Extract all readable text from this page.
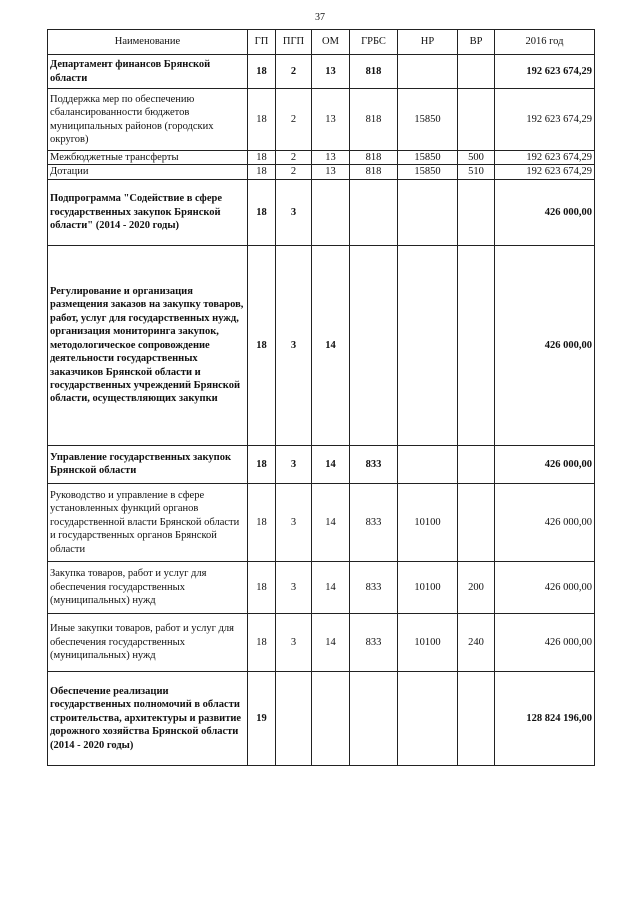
37
Наименование	ГП	ПГП	ОМ	ГРБС	НР	ВР	2016 год
Департамент финансов Брянской области	18	2	13	818			192 623 674,29
Поддержка мер по обеспечению сбалансированности бюджетов муниципальных районов (городских округов)	18	2	13	818	15850		192 623 674,29
Межбюджетные трансферты	18	2	13	818	15850	500	192 623 674,29
Дотации	18	2	13	818	15850	510	192 623 674,29
Подпрограмма "Содействие в сфере государственных закупок Брянской области" (2014 - 2020 годы)	18	3					426 000,00
Регулирование и организация размещения заказов на закупку товаров, работ, услуг для государственных нужд, организация мониторинга закупок, методологическое сопровождение деятельности государственных заказчиков Брянской области и государственных учреждений Брянской области, осуществляющих закупки	18	3	14				426 000,00
Управление государственных закупок Брянской области	18	3	14	833			426 000,00
Руководство и управление в сфере установленных функций органов государственной власти Брянской области и государственных органов Брянской области	18	3	14	833	10100		426 000,00
Закупка товаров, работ и услуг для обеспечения государственных (муниципальных) нужд	18	3	14	833	10100	200	426 000,00
Иные закупки товаров, работ и услуг для обеспечения государственных (муниципальных) нужд	18	3	14	833	10100	240	426 000,00
Обеспечение реализации государственных полномочий в области строительства, архитектуры и развитие дорожного хозяйства Брянской области (2014 - 2020 годы)	19						128 824 196,00
